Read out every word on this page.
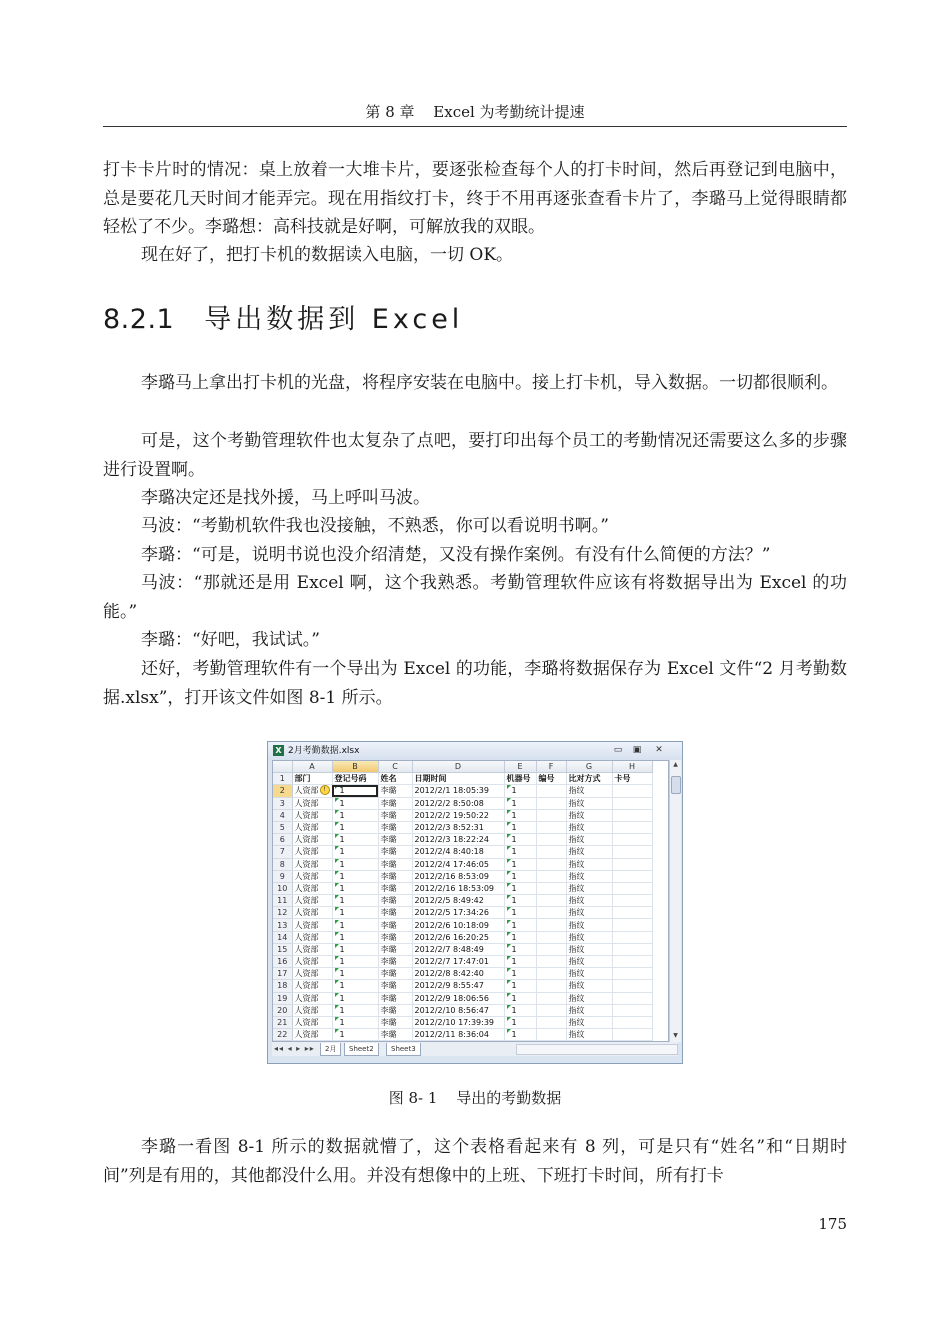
第 8 章 Excel 为考勤统计提速

打卡卡片时的情况：桌上放着一大堆卡片，要逐张检查每个人的打卡时间，然后再登记到电脑中，总是要花几天时间才能弄完。现在用指纹打卡，终于不用再逐张查看卡片了，李璐马上觉得眼睛都轻松了不少。李璐想：高科技就是好啊，可解放我的双眼。

现在好了，把打卡机的数据读入电脑，一切 OK。

8.2.1 导出数据到 Excel

李璐马上拿出打卡机的光盘，将程序安装在电脑中。接上打卡机，导入数据。一切都很顺利。

可是，这个考勤管理软件也太复杂了点吧，要打印出每个员工的考勤情况还需要这么多的步骤进行设置啊。

李璐决定还是找外援，马上呼叫马波。

马波：“考勤机软件我也没接触，不熟悉，你可以看说明书啊。”

李璐：“可是，说明书说也没介绍清楚，又没有操作案例。有没有什么简便的方法？”

马波：“那就还是用 Excel 啊，这个我熟悉。考勤管理软件应该有将数据导出为 Excel 的功能。”

李璐：“好吧，我试试。”

还好，考勤管理软件有一个导出为 Excel 的功能，李璐将数据保存为 Excel 文件“2 月考勤数据.xlsx”，打开该文件如图 8-1 所示。

X 2月考勤数据.xlsx	▭	▣	✕
	A	B	C	D	E	F	G	H
1	部门	登记号码	姓名	日期时间	机器号	编号	比对方式	卡号
2	人资部 !	1	李璐	2012/2/1 18:05:39	1		指纹	
3	人资部	1	李璐	2012/2/2 8:50:08	1		指纹	
4	人资部	1	李璐	2012/2/2 19:50:22	1		指纹	
5	人资部	1	李璐	2012/2/3 8:52:31	1		指纹	
6	人资部	1	李璐	2012/2/3 18:22:24	1		指纹	
7	人资部	1	李璐	2012/2/4 8:40:18	1		指纹	
8	人资部	1	李璐	2012/2/4 17:46:05	1		指纹	
9	人资部	1	李璐	2012/2/16 8:53:09	1		指纹	
10	人资部	1	李璐	2012/2/16 18:53:09	1		指纹	
11	人资部	1	李璐	2012/2/5 8:49:42	1		指纹	
12	人资部	1	李璐	2012/2/5 17:34:26	1		指纹	
13	人资部	1	李璐	2012/2/6 10:18:09	1		指纹	
14	人资部	1	李璐	2012/2/6 16:20:25	1		指纹	
15	人资部	1	李璐	2012/2/7 8:48:49	1		指纹	
16	人资部	1	李璐	2012/2/7 17:47:01	1		指纹	
17	人资部	1	李璐	2012/2/8 8:42:40	1		指纹	
18	人资部	1	李璐	2012/2/9 8:55:47	1		指纹	
19	人资部	1	李璐	2012/2/9 18:06:56	1		指纹	
20	人资部	1	李璐	2012/2/10 8:56:47	1		指纹	
21	人资部	1	李璐	2012/2/10 17:39:39	1		指纹	
22	人资部	1	李璐	2012/2/11 8:36:04	1		指纹	
▲
▼
◂◂ ◂ ▸ ▸▸	2月	Sheet2	Sheet3

图 8- 1 导出的考勤数据

李璐一看图 8-1 所示的数据就懵了，这个表格看起来有 8 列，可是只有“姓名”和“日期时间”列是有用的，其他都没什么用。并没有想像中的上班、下班打卡时间，所有打卡

175
